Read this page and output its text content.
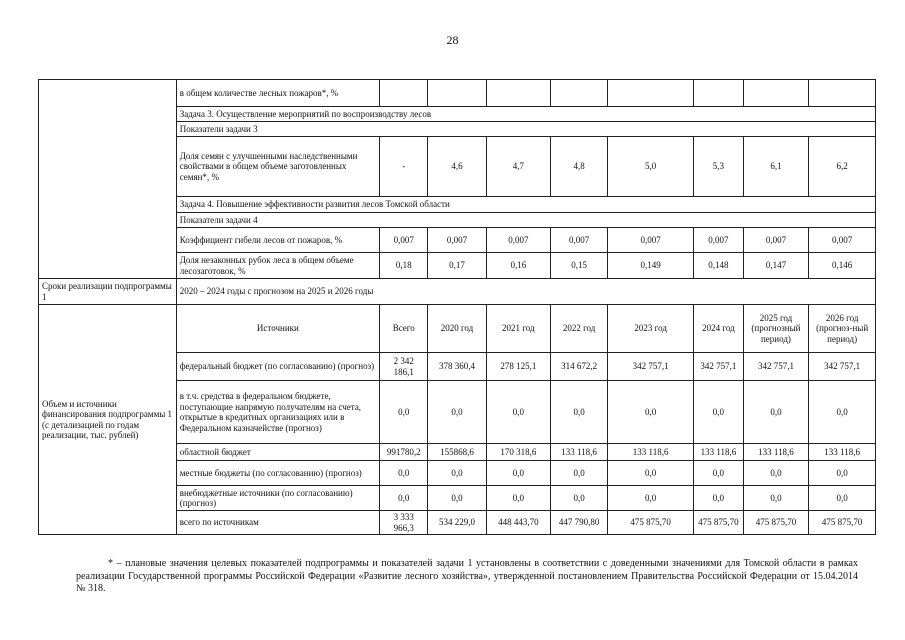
28
	в общем количестве лесных пожаров*, %								
	Задача 3. Осуществление мероприятий по воспроизводству лесов								
	Показатели задачи 3								
	Доля семян с улучшенными наследственными свойствами в общем объеме заготовленных семян*, %	-	4,6	4,7	4,8	5,0	5,3	6,1	6,2
	Задача 4. Повышение эффективности развития лесов Томской области								
	Показатели задачи 4								
	Коэффициент гибели лесов от пожаров, %	0,007	0,007	0,007	0,007	0,007	0,007	0,007	0,007
	Доля незаконных рубок леса в общем объеме лесозаготовок, %	0,18	0,17	0,16	0,15	0,149	0,148	0,147	0,146
Сроки реализации подпрограммы 1	2020 – 2024 годы с прогнозом на 2025 и 2026 годы								
Объем и источники финансирования подпрограммы 1 (с детализацией по годам реализации, тыс. рублей)	Источники	Всего	2020 год	2021 год	2022 год	2023 год	2024 год	2025 год (прогнозный период)	2026 год (прогноз-ный период)
	федеральный бюджет (по согласованию) (прогноз)	2 342 186,1	378 360,4	278 125,1	314 672,2	342 757,1	342 757,1	342 757,1	342 757,1
	в т.ч. средства в федеральном бюджете, поступающие напрямую получателям на счета, открытые в кредитных организациях или в Федеральном казначействе (прогноз)	0,0	0,0	0,0	0,0	0,0	0,0	0,0	0,0
	областной бюджет	991780,2	155868,6	170 318,6	133 118,6	133 118,6	133 118,6	133 118,6	133 118,6
	местные бюджеты (по согласованию) (прогноз)	0,0	0,0	0,0	0,0	0,0	0,0	0,0	0,0
	внебюджетные источники (по согласованию) (прогноз)	0,0	0,0	0,0	0,0	0,0	0,0	0,0	0,0
	всего по источникам	3 333 966,3	534 229,0	448 443,70	447 790,80	475 875,70	475 875,70	475 875,70	475 875,70
* – плановые значения целевых показателей подпрограммы и показателей задачи 1 установлены в соответствии с доведенными значениями для Томской области в рамках реализации Государственной программы Российской Федерации «Развитие лесного хозяйства», утвержденной постановлением Правительства Российской Федерации от 15.04.2014 № 318.
